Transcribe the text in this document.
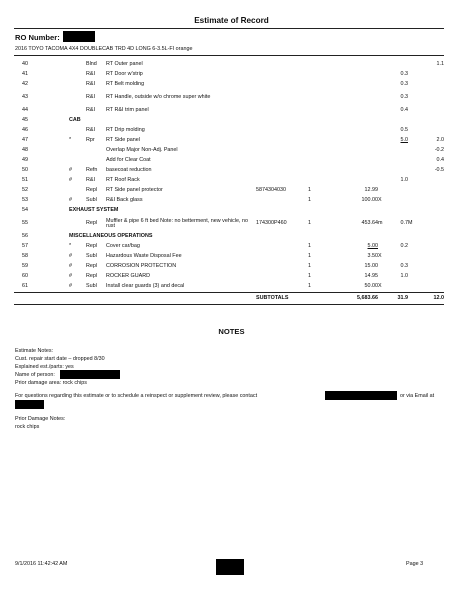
Estimate of Record
RO Number:
2016 TOYO TACOMA 4X4 DOUBLECAB TRD 4D LONG 6-3.5L-FI orange
40		Blnd	RT Outer panel							1.1
41		R&I	RT Door w'strip					0.3		
42		R&I	RT Belt molding					0.3		
43		R&I	RT Handle, outside w/o chrome super white					0.3		
44		R&I	RT R&I trim panel					0.4		
45	CAB									
46		R&I	RT Drip molding					0.5		
47	*	Rpr	RT Side panel					5.0		2.0
48			Overlap Major Non-Adj. Panel							-0.2
49			Add for Clear Coat							0.4
50	#	Refn	basecoat reduction							-0.5
51	#	R&I	RT Roof Rack					1.0		
52		Repl	RT Side panel protector	5874304030	1	12.99				
53	#	Subl	R&I Back glass		1	100.00	X			
54	EXHAUST SYSTEM									
55		Repl	Muffler & pipe 6 ft bed Note: no betterment, new vehicle, no rust	174300P460	1	453.64	m	0.7	M	
56	MISCELLANEOUS OPERATIONS									
57	*	Repl	Cover car/bag		1	5.00		0.2		
58	#	Subl	Hazardous Waste Disposal Fee		1	3.50	X			
59	#	Repl	CORROSION PROTECTION		1	15.00		0.3		
60	#	Repl	ROCKER GUARD		1	14.95		1.0		
61	#	Subl	Install clear guards (3) and decal		1	50.00	X			
				SUBTOTALS		5,683.66		31.9		12.0
NOTES
Estimate Notes:
Cust. repair start date – dropped 8/30
Explained est./parts: yes
Name of person:
Prior damage area: rock chips
For questions regarding this estimate or to schedule a reinspect or supplement review, please contact	or via Email at
Prior Damage Notes:
rock chips
9/1/2016 11:42:42 AM	Page 3
